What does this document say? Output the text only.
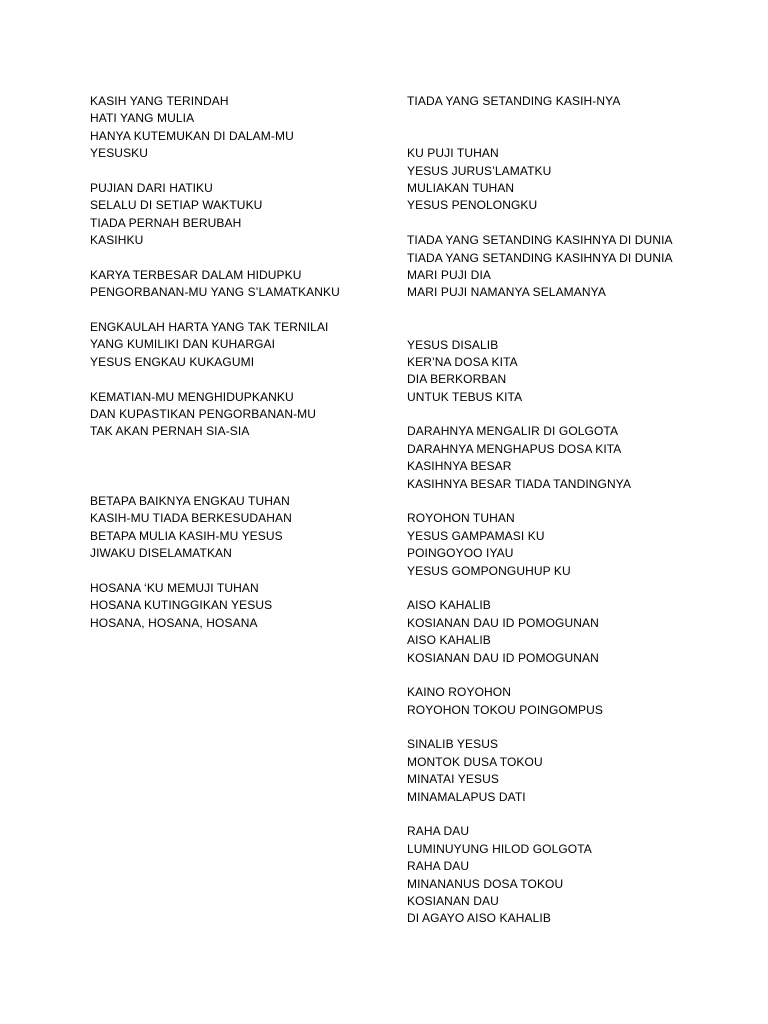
KASIH YANG TERINDAH
HATI YANG MULIA
HANYA KUTEMUKAN DI DALAM-MU
YESUSKU
PUJIAN DARI HATIKU
SELALU DI SETIAP WAKTUKU
TIADA PERNAH BERUBAH
KASIHKU
KARYA TERBESAR DALAM HIDUPKU
PENGORBANAN-MU YANG S’LAMATKANKU
ENGKAULAH HARTA YANG TAK TERNILAI
YANG KUMILIKI DAN KUHARGAI
YESUS ENGKAU KUKAGUMI
KEMATIAN-MU MENGHIDUPKANKU
DAN KUPASTIKAN PENGORBANAN-MU
TAK AKAN PERNAH SIA-SIA
BETAPA BAIKNYA ENGKAU TUHAN
KASIH-MU TIADA BERKESUDAHAN
BETAPA MULIA KASIH-MU YESUS
JIWAKU DISELAMATKAN
HOSANA ‘KU MEMUJI TUHAN
HOSANA KUTINGGIKAN YESUS
HOSANA, HOSANA, HOSANA
TIADA YANG SETANDING KASIH-NYA
KU PUJI TUHAN
YESUS JURUS’LAMATKU
MULIAKAN TUHAN
YESUS PENOLONGKU
TIADA YANG SETANDING KASIHNYA DI DUNIA
TIADA YANG SETANDING KASIHNYA DI DUNIA
MARI PUJI DIA
MARI PUJI NAMANYA SELAMANYA
YESUS DISALIB
KER’NA DOSA KITA
DIA BERKORBAN
UNTUK TEBUS KITA
DARAHNYA MENGALIR DI GOLGOTA
DARAHNYA MENGHAPUS DOSA KITA
KASIHNYA BESAR
KASIHNYA BESAR TIADA TANDINGNYA
ROYOHON TUHAN
YESUS GAMPAMASI KU
POINGOYOO IYAU
YESUS GOMPONGUHUP KU
AISO KAHALIB
KOSIANAN DAU ID POMOGUNAN
AISO KAHALIB
KOSIANAN DAU ID POMOGUNAN
KAINO ROYOHON
ROYOHON TOKOU POINGOMPUS
SINALIB YESUS
MONTOK DUSA TOKOU
MINATAI YESUS
MINAMALAPUS DATI
RAHA DAU
LUMINUYUNG HILOD GOLGOTA
RAHA DAU
MINANANUS DOSA TOKOU
KOSIANAN DAU
DI AGAYO AISO KAHALIB
